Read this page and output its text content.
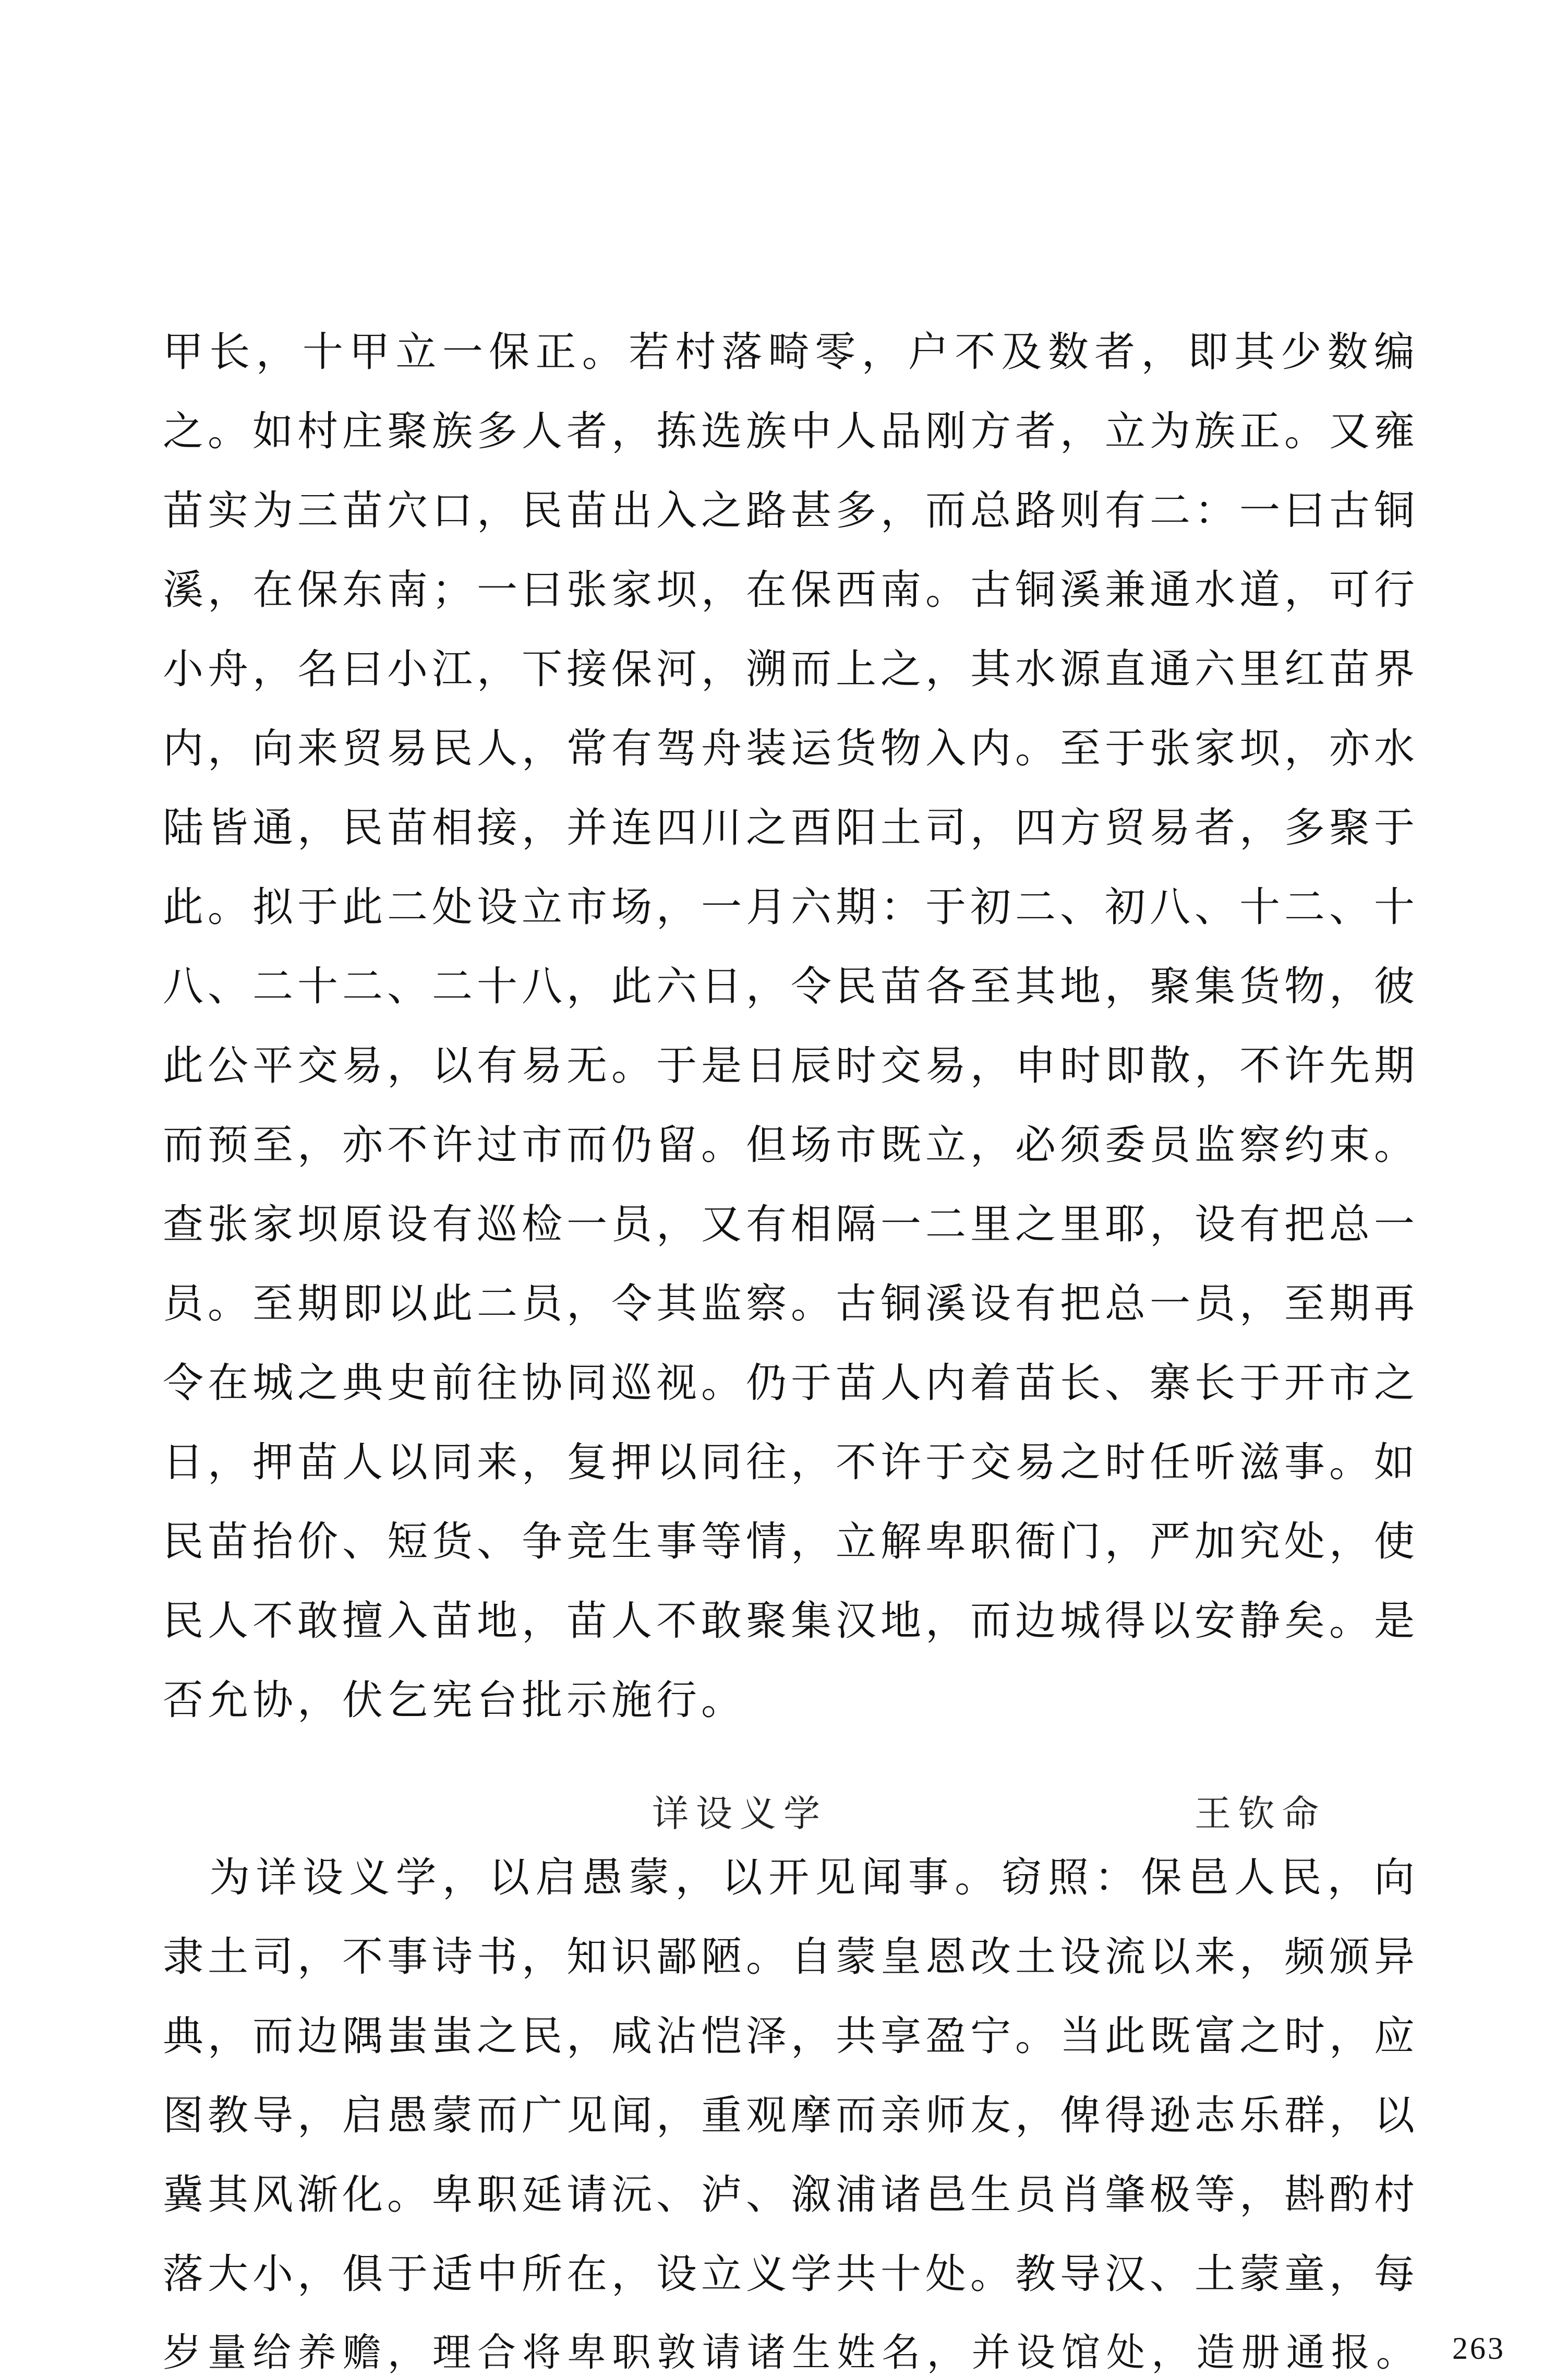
甲长，十甲立一保正。若村落畸零，户不及数者，即其少数编
之。如村庄聚族多人者，拣选族中人品刚方者，立为族正。又雍
苗实为三苗穴口，民苗出入之路甚多，而总路则有二：一曰古铜
溪，在保东南；一曰张家坝，在保西南。古铜溪兼通水道，可行
小舟，名曰小江，下接保河，溯而上之，其水源直通六里红苗界
内，向来贸易民人，常有驾舟装运货物入内。至于张家坝，亦水
陆皆通，民苗相接，并连四川之酉阳土司，四方贸易者，多聚于
此。拟于此二处设立市场，一月六期：于初二、初八、十二、十
八、二十二、二十八，此六日，令民苗各至其地，聚集货物，彼
此公平交易，以有易无。于是日辰时交易，申时即散，不许先期
而预至，亦不许过市而仍留。但场市既立，必须委员监察约束。
查张家坝原设有巡检一员，又有相隔一二里之里耶，设有把总一
员。至期即以此二员，令其监察。古铜溪设有把总一员，至期再
令在城之典史前往协同巡视。仍于苗人内着苗长、寨长于开市之
日，押苗人以同来，复押以同往，不许于交易之时任听滋事。如
民苗抬价、短货、争竞生事等情，立解卑职衙门，严加究处，使
民人不敢擅入苗地，苗人不敢聚集汉地，而边城得以安静矣。是
否允协，伏乞宪台批示施行。
详设义学	王钦命
　为详设义学，以启愚蒙，以开见闻事。窃照：保邑人民，向
隶土司，不事诗书，知识鄙陋。自蒙皇恩改土设流以来，频颁异
典，而边隅蚩蚩之民，咸沾恺泽，共享盈宁。当此既富之时，应
图教导，启愚蒙而广见闻，重观摩而亲师友，俾得逊志乐群，以
冀其风渐化。卑职延请沅、泸、溆浦诸邑生员肖肇极等，斟酌村
落大小，俱于适中所在，设立义学共十处。教导汉、土蒙童，每
岁量给养赡，理合将卑职敦请诸生姓名，并设馆处，造册通报。 263
